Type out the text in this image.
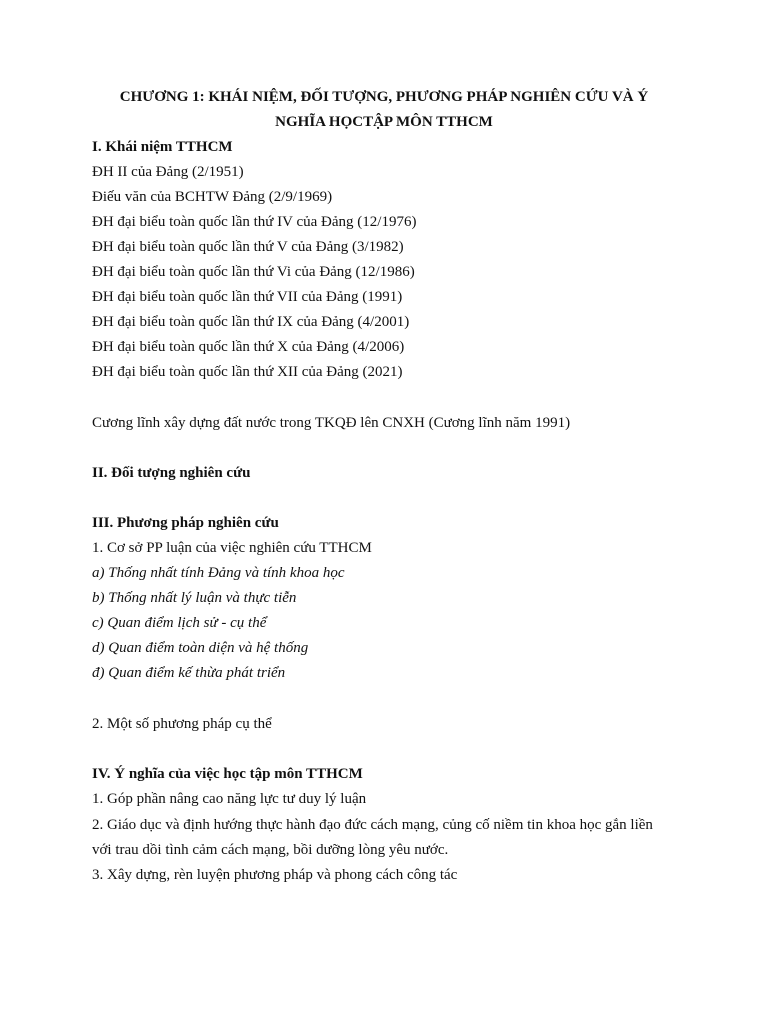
CHƯƠNG 1: KHÁI NIỆM, ĐỐI TƯỢNG, PHƯƠNG PHÁP NGHIÊN CỨU VÀ Ý
NGHĨA HỌCTẬP MÔN TTHCM

I. Khái niệm TTHCM

ĐH II của Đảng (2/1951)

Điếu văn của BCHTW Đảng (2/9/1969)

ĐH đại biểu toàn quốc lần thứ IV của Đảng (12/1976)

ĐH đại biểu toàn quốc lần thứ V của Đảng (3/1982)

ĐH đại biểu toàn quốc lần thứ Vi của Đảng (12/1986)

ĐH đại biểu toàn quốc lần thứ VII của Đảng (1991)

ĐH đại biểu toàn quốc lần thứ IX của Đảng (4/2001)

ĐH đại biểu toàn quốc lần thứ X của Đảng (4/2006)

ĐH đại biểu toàn quốc lần thứ XII của Đảng (2021)

Cương lĩnh xây dựng đất nước trong TKQĐ lên CNXH (Cương lĩnh năm 1991)

II. Đối tượng nghiên cứu

III. Phương pháp nghiên cứu

1. Cơ sở PP luận của việc nghiên cứu TTHCM

a) Thống nhất tính Đảng và tính khoa học

b) Thống nhất lý luận và thực tiễn

c) Quan điểm lịch sử - cụ thể

d) Quan điểm toàn diện và hệ thống

đ) Quan điểm kế thừa phát triển

2. Một số phương pháp cụ thể

IV. Ý nghĩa của việc học tập môn TTHCM

1. Góp phần nâng cao năng lực tư duy lý luận

2. Giáo dục và định hướng thực hành đạo đức cách mạng, củng cố niềm tin khoa học gắn liền

với trau dồi tình cảm cách mạng, bồi dưỡng lòng yêu nước.

3. Xây dựng, rèn luyện phương pháp và phong cách công tác
